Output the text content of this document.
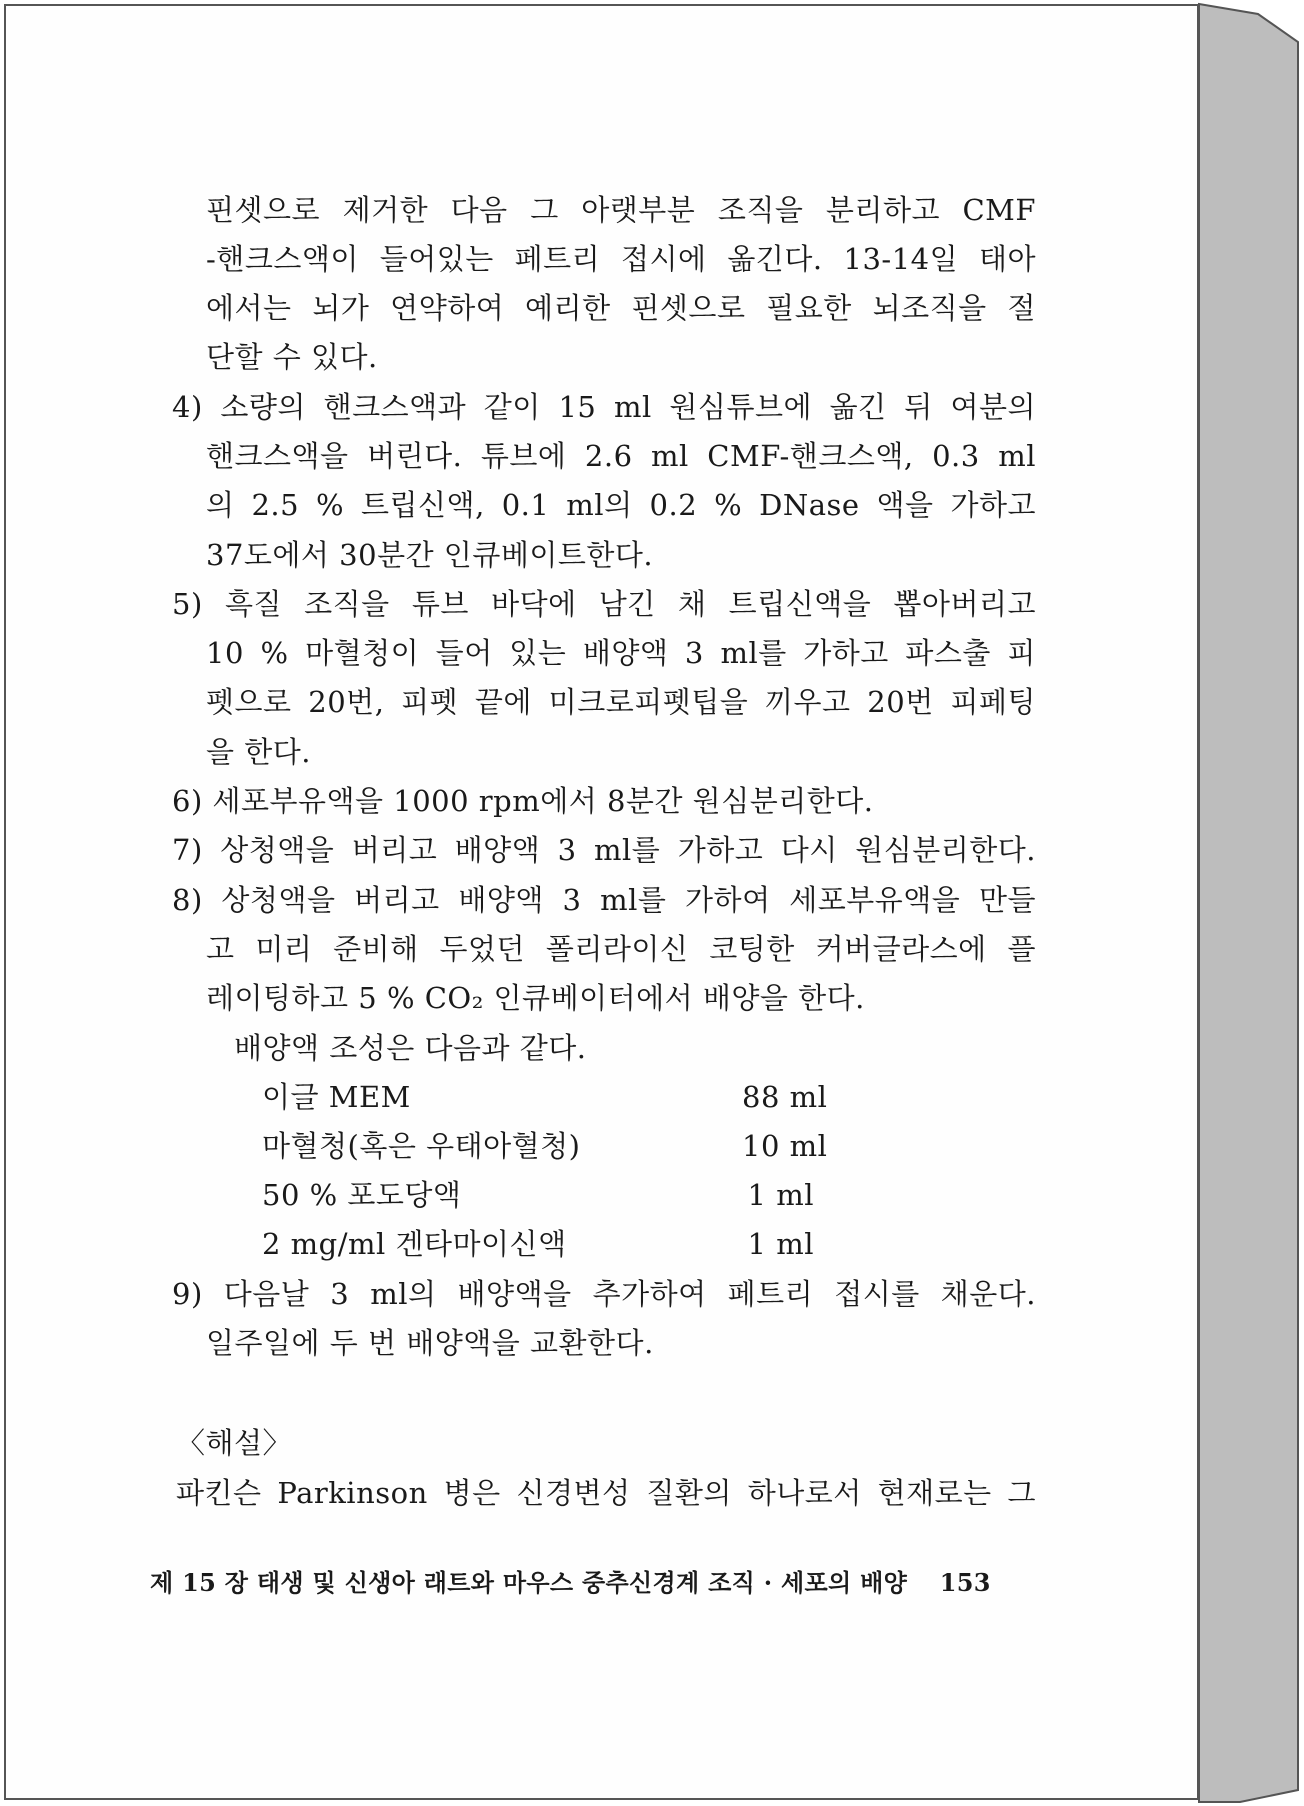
핀셋으로 제거한 다음 그 아랫부분 조직을 분리하고 CMF
-핸크스액이 들어있는 페트리 접시에 옮긴다. 13-14일 태아
에서는 뇌가 연약하여 예리한 핀셋으로 필요한 뇌조직을 절
단할 수 있다.
4) 소량의 핸크스액과 같이 15 ml 원심튜브에 옮긴 뒤 여분의
핸크스액을 버린다. 튜브에 2.6 ml CMF-핸크스액, 0.3 ml
의 2.5 % 트립신액, 0.1 ml의 0.2 % DNase 액을 가하고
37도에서 30분간 인큐베이트한다.
5) 흑질 조직을 튜브 바닥에 남긴 채 트립신액을 뽑아버리고
10 % 마혈청이 들어 있는 배양액 3 ml를 가하고 파스출 피
펫으로 20번, 피펫 끝에 미크로피펫팁을 끼우고 20번 피페팅
을 한다.
6) 세포부유액을 1000 rpm에서 8분간 원심분리한다.
7) 상청액을 버리고 배양액 3 ml를 가하고 다시 원심분리한다.
8) 상청액을 버리고 배양액 3 ml를 가하여 세포부유액을 만들
고 미리 준비해 두었던 폴리라이신 코팅한 커버글라스에 플
레이팅하고 5 % CO₂ 인큐베이터에서 배양을 한다.
배양액 조성은 다음과 같다.
이글 MEM	88 ml
마혈청(혹은 우태아혈청)	10 ml
50 % 포도당액	1 ml
2 mg/ml 겐타마이신액	1 ml
9) 다음날 3 ml의 배양액을 추가하여 페트리 접시를 채운다.
일주일에 두 번 배양액을 교환한다.
〈해설〉
파킨슨 Parkinson 병은 신경변성 질환의 하나로서 현재로는 그
제 15 장 태생 및 신생아 래트와 마우스 중추신경계 조직 · 세포의 배양 153
